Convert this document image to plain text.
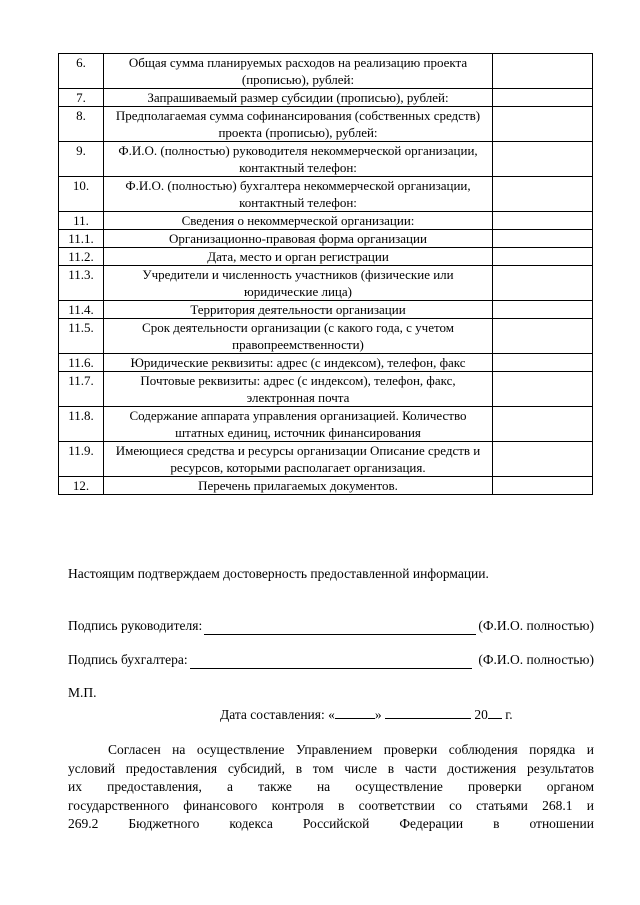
6.	Общая сумма планируемых расходов на реализацию проекта (прописью), рублей:	
7.	Запрашиваемый размер субсидии (прописью), рублей:	
8.	Предполагаемая сумма софинансирования (собственных средств) проекта (прописью), рублей:	
9.	Ф.И.О. (полностью) руководителя некоммерческой организации, контактный телефон:	
10.	Ф.И.О. (полностью) бухгалтера некоммерческой организации, контактный телефон:	
11.	Сведения о некоммерческой организации:	
11.1.	Организационно-правовая форма организации	
11.2.	Дата, место и орган регистрации	
11.3.	Учредители и численность участников (физические или юридические лица)	
11.4.	Территория деятельности организации	
11.5.	Срок деятельности организации (с какого года, с учетом правопреемственности)	
11.6.	Юридические реквизиты: адрес (с индексом), телефон, факс	
11.7.	Почтовые реквизиты: адрес (с индексом), телефон, факс, электронная почта	
11.8.	Содержание аппарата управления организацией. Количество штатных единиц, источник финансирования	
11.9.	Имеющиеся средства и ресурсы организации Описание средств и ресурсов, которыми располагает организация.	
12.	Перечень прилагаемых документов.	
Настоящим подтверждаем достоверность предоставленной информации.
Подпись руководителя:	(Ф.И.О. полностью)
Подпись бухгалтера:	(Ф.И.О. полностью)
М.П.
Дата составления: «	»	20 г.
Согласен на осуществление Управлением проверки соблюдения порядка и
условий предоставления субсидий, в том числе в части достижения результатов
их предоставления, а также на осуществление проверки органом
государственного финансового контроля в соответствии со статьями 268.1 и
269.2 Бюджетного кодекса Российской Федерации в отношении
